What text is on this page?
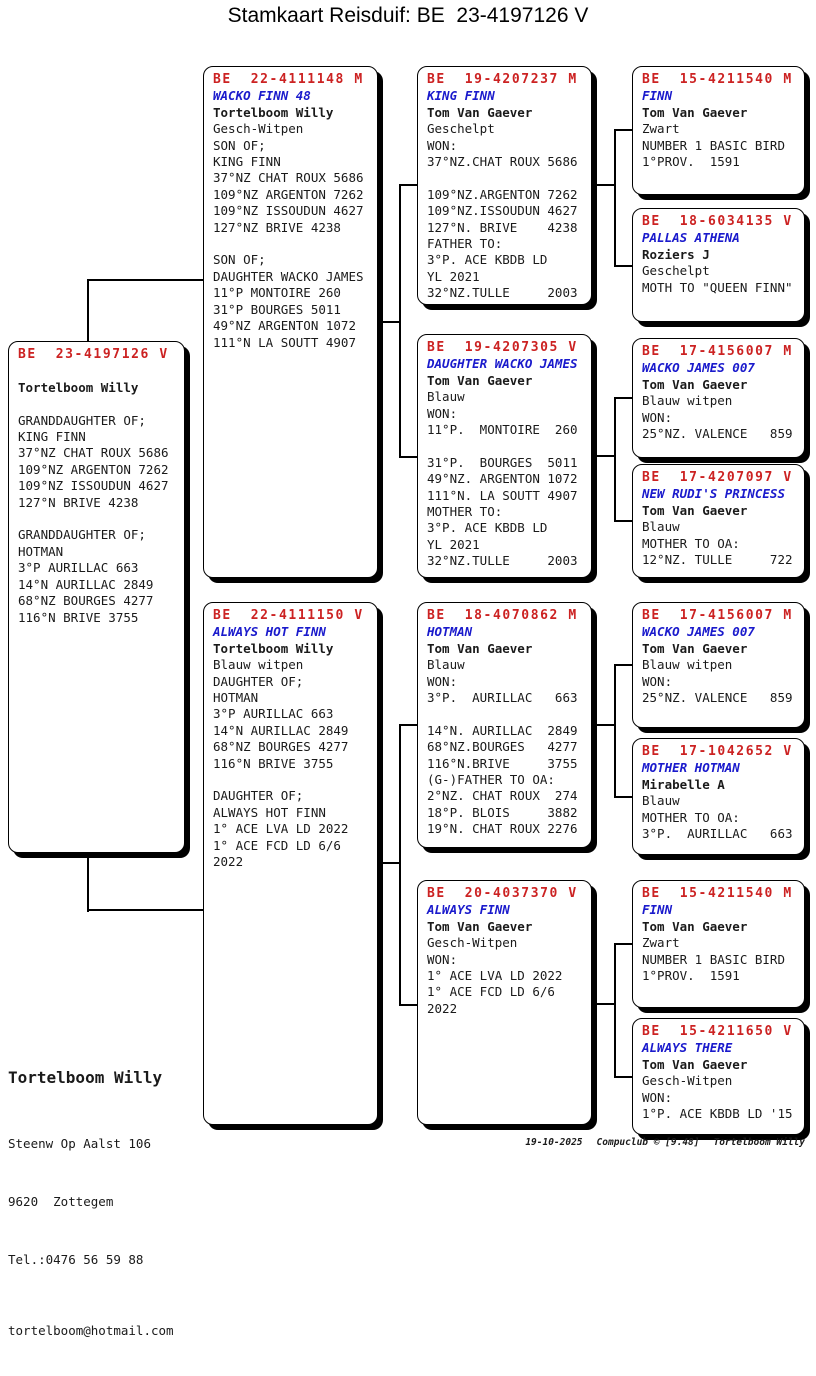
Stamkaart Reisduif: BE  23-4197126 V
BE  23-4197126 V

Tortelboom Willy

GRANDDAUGHTER OF;
KING FINN
37°NZ CHAT ROUX 5686
109°NZ ARGENTON 7262
109°NZ ISSOUDUN 4627
127°N BRIVE 4238

GRANDDAUGHTER OF;
HOTMAN
3°P AURILLAC 663
14°N AURILLAC 2849
68°NZ BOURGES 4277
116°N BRIVE 3755
BE  22-4111148 M
WACKO FINN 48
Tortelboom Willy
Gesch-Witpen
SON OF;
KING FINN
37°NZ CHAT ROUX 5686
109°NZ ARGENTON 7262
109°NZ ISSOUDUN 4627
127°NZ BRIVE 4238

SON OF;
DAUGHTER WACKO JAMES
11°P MONTOIRE 260
31°P BOURGES 5011
49°NZ ARGENTON 1072
111°N LA SOUTT 4907
BE  22-4111150 V
ALWAYS HOT FINN
Tortelboom Willy
Blauw witpen
DAUGHTER OF;
HOTMAN
3°P AURILLAC 663
14°N AURILLAC 2849
68°NZ BOURGES 4277
116°N BRIVE 3755

DAUGHTER OF;
ALWAYS HOT FINN
1° ACE LVA LD 2022
1° ACE FCD LD 6/6
2022
BE  19-4207237 M
KING FINN
Tom Van Gaever
Geschelpt
WON:
37°NZ.CHAT ROUX 5686

109°NZ.ARGENTON 7262
109°NZ.ISSOUDUN 4627
127°N. BRIVE    4238
FATHER TO:
3°P. ACE KBDB LD
YL 2021
32°NZ.TULLE     2003
BE  19-4207305 V
DAUGHTER WACKO JAMES
Tom Van Gaever
Blauw
WON:
11°P.  MONTOIRE  260

31°P.  BOURGES  5011
49°NZ. ARGENTON 1072
111°N. LA SOUTT 4907
MOTHER TO:
3°P. ACE KBDB LD
YL 2021
32°NZ.TULLE     2003
BE  18-4070862 M
HOTMAN
Tom Van Gaever
Blauw
WON:
3°P.  AURILLAC   663

14°N. AURILLAC  2849
68°NZ.BOURGES   4277
116°N.BRIVE     3755
(G-)FATHER TO OA:
2°NZ. CHAT ROUX  274
18°P. BLOIS     3882
19°N. CHAT ROUX 2276
BE  20-4037370 V
ALWAYS FINN
Tom Van Gaever
Gesch-Witpen
WON:
1° ACE LVA LD 2022
1° ACE FCD LD 6/6
2022
BE  15-4211540 M
FINN
Tom Van Gaever
Zwart
NUMBER 1 BASIC BIRD
1°PROV.  1591
BE  18-6034135 V
PALLAS ATHENA
Roziers J
Geschelpt
MOTH TO "QUEEN FINN"
BE  17-4156007 M
WACKO JAMES 007
Tom Van Gaever
Blauw witpen
WON:
25°NZ. VALENCE   859
BE  17-4207097 V
NEW RUDI'S PRINCESS
Tom Van Gaever
Blauw
MOTHER TO OA:
12°NZ. TULLE     722
BE  17-4156007 M
WACKO JAMES 007
Tom Van Gaever
Blauw witpen
WON:
25°NZ. VALENCE   859
BE  17-1042652 V
MOTHER HOTMAN
Mirabelle A
Blauw
MOTHER TO OA:
3°P.  AURILLAC   663
BE  15-4211540 M
FINN
Tom Van Gaever
Zwart
NUMBER 1 BASIC BIRD
1°PROV.  1591
BE  15-4211650 V
ALWAYS THERE
Tom Van Gaever
Gesch-Witpen
WON:
1°P. ACE KBDB LD '15

Tortelboom Willy

Steenw Op Aalst 106

9620  Zottegem

Tel.:0476 56 59 88

tortelboom@hotmail.com

19-10-2025 Compuclub © [9.48] Tortelboom Willy
